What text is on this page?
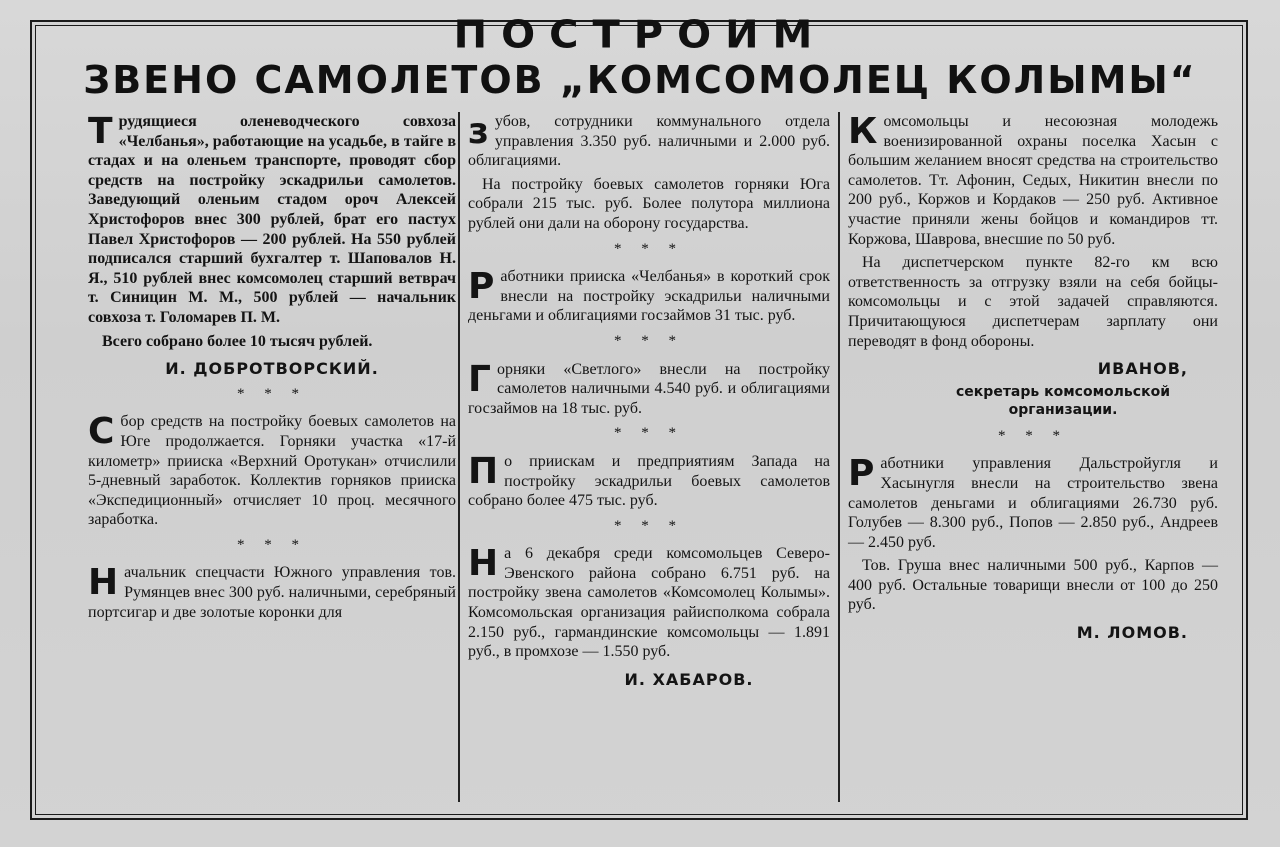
ПОСТРОИМ
ЗВЕНО САМОЛЕТОВ „КОМСОМОЛЕЦ КОЛЫМЫ“

Трудящиеся оленеводческого совхоза «Челбанья», работающие на усадьбе, в тайге в стадах и на оленьем транспорте, проводят сбор средств на постройку эскадрильи самолетов. Заведующий оленьим стадом ороч Алексей Христофоров внес 300 рублей, брат его пастух Павел Христофоров — 200 рублей. На 550 рублей подписался старший бухгалтер т. Шаповалов Н. Я., 510 рублей внес комсомолец старший ветврач т. Синицин М. М., 500 рублей — начальник совхоза т. Голомарев П. М.

Всего собрано более 10 тысяч рублей.

И. ДОБРОТВОРСКИЙ.
* * *

Сбор средств на постройку боевых самолетов на Юге продолжается. Горняки участка «17-й километр» прииска «Верхний Оротукан» отчислили 5-дневный заработок. Коллектив горняков прииска «Экспедиционный» отчисляет 10 проц. месячного заработка.

* * *

Начальник спецчасти Южного управления тов. Румянцев внес 300 руб. наличными, серебряный портсигар и две золотые коронки для

зубов, сотрудники коммунального отдела управления 3.350 руб. наличными и 2.000 руб. облигациями.

На постройку боевых самолетов горняки Юга собрали 215 тыс. руб. Более полутора миллиона рублей они дали на оборону государства.

* * *

Работники прииска «Челбанья» в короткий срок внесли на постройку эскадрильи наличными деньгами и облигациями госзаймов 31 тыс. руб.

* * *

Горняки «Светлого» внесли на постройку самолетов наличными 4.540 руб. и облигациями госзаймов на 18 тыс. руб.

* * *

По приискам и предприятиям Запада на постройку эскадрильи боевых самолетов собрано более 475 тыс. руб.

* * *

На 6 декабря среди комсомольцев Северо-Эвенского района собрано 6.751 руб. на постройку звена самолетов «Комсомолец Колымы». Комсомольская организация райисполкома собрала 2.150 руб., гармандинские комсомольцы — 1.891 руб., в промхозе — 1.550 руб.

И. ХАБАРОВ.

Комсомольцы и несоюзная молодежь военизированной охраны поселка Хасын с большим желанием вносят средства на строительство самолетов. Тт. Афонин, Седых, Никитин внесли по 200 руб., Коржов и Кордаков — 250 руб. Активное участие приняли жены бойцов и командиров тт. Коржова, Шаврова, внесшие по 50 руб.

На диспетчерском пункте 82-го км всю ответственность за отгрузку взяли на себя бойцы-комсомольцы и с этой задачей справляются. Причитающуюся диспетчерам зарплату они переводят в фонд обороны.

ИВАНОВ,
секретарь комсомольской организации.
* * *

Работники управления Дальстройугля и Хасынугля внесли на строительство звена самолетов деньгами и облигациями 26.730 руб. Голубев — 8.300 руб., Попов — 2.850 руб., Андреев — 2.450 руб.

Тов. Груша внес наличными 500 руб., Карпов — 400 руб. Остальные товарищи внесли от 100 до 250 руб.

М. ЛОМОВ.
